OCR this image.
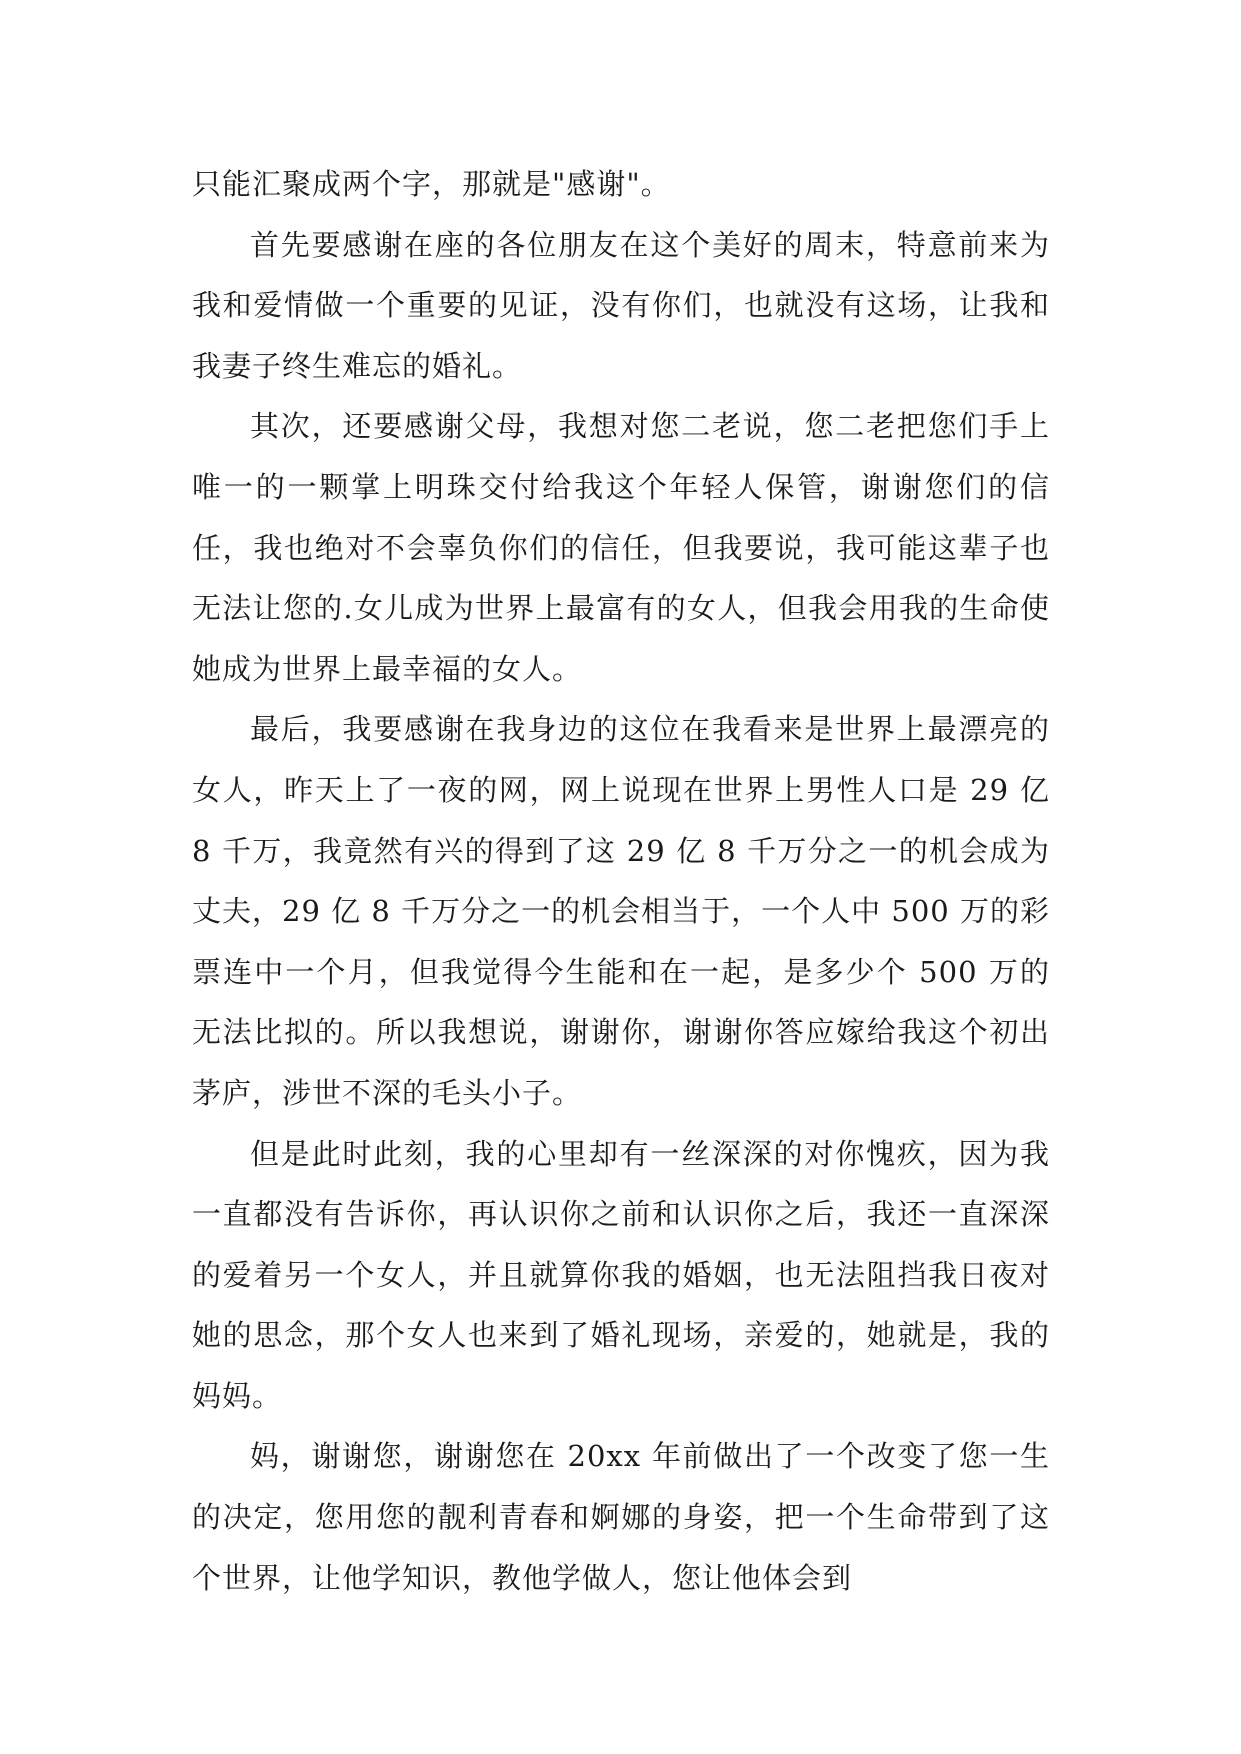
只能汇聚成两个字，那就是"感谢"。

首先要感谢在座的各位朋友在这个美好的周末，特意前来为我和爱情做一个重要的见证，没有你们，也就没有这场，让我和我妻子终生难忘的婚礼。

其次，还要感谢父母，我想对您二老说，您二老把您们手上唯一的一颗掌上明珠交付给我这个年轻人保管，谢谢您们的信任，我也绝对不会辜负你们的信任，但我要说，我可能这辈子也无法让您的.女儿成为世界上最富有的女人，但我会用我的生命使她成为世界上最幸福的女人。

最后，我要感谢在我身边的这位在我看来是世界上最漂亮的女人，昨天上了一夜的网，网上说现在世界上男性人口是 29 亿 8 千万，我竟然有兴的得到了这 29 亿 8 千万分之一的机会成为丈夫，29 亿 8 千万分之一的机会相当于，一个人中 500 万的彩票连中一个月，但我觉得今生能和在一起，是多少个 500 万的无法比拟的。所以我想说，谢谢你，谢谢你答应嫁给我这个初出茅庐，涉世不深的毛头小子。

但是此时此刻，我的心里却有一丝深深的对你愧疚，因为我一直都没有告诉你，再认识你之前和认识你之后，我还一直深深的爱着另一个女人，并且就算你我的婚姻，也无法阻挡我日夜对她的思念，那个女人也来到了婚礼现场，亲爱的，她就是，我的妈妈。

妈，谢谢您，谢谢您在 20xx 年前做出了一个改变了您一生的决定，您用您的靓利青春和婀娜的身姿，把一个生命带到了这个世界，让他学知识，教他学做人，您让他体会到
